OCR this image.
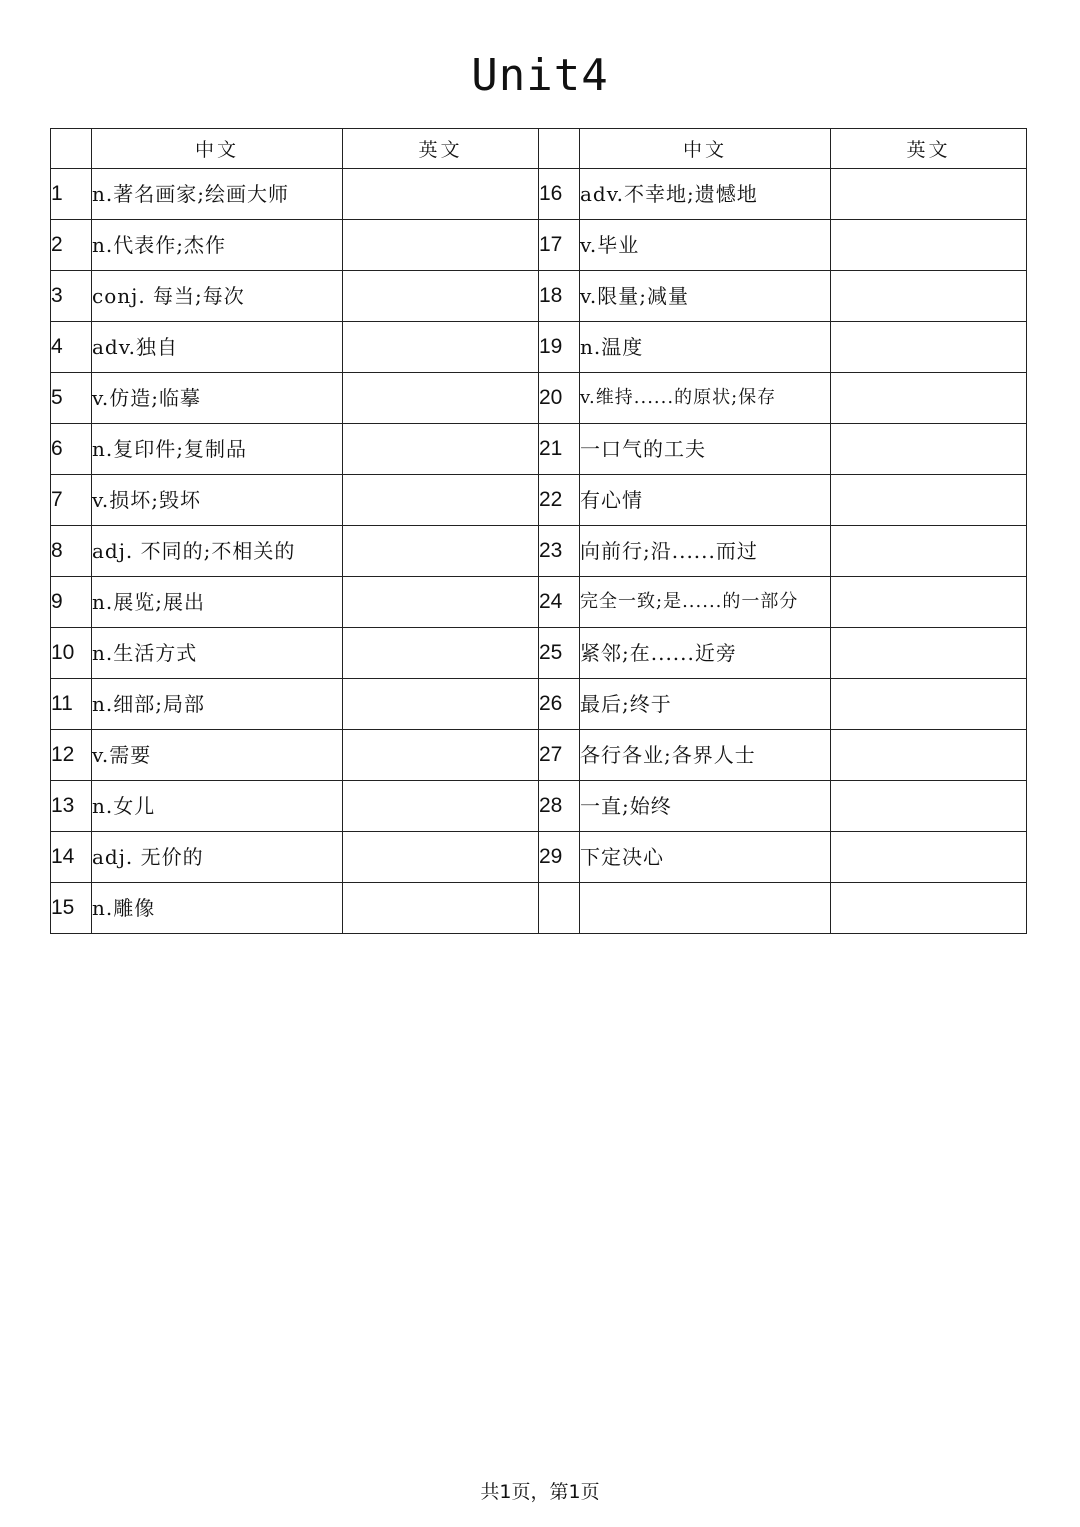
Unit4
	中文	英文		中文	英文
1	n.著名画家;绘画大师		16	adv.不幸地;遗憾地	
2	n.代表作;杰作		17	v.毕业	
3	conj. 每当;每次		18	v.限量;减量	
4	adv.独自		19	n.温度	
5	v.仿造;临摹		20	v.维持......的原状;保存	
6	n.复印件;复制品		21	一口气的工夫	
7	v.损坏;毁坏		22	有心情	
8	adj. 不同的;不相关的		23	向前行;沿......而过	
9	n.展览;展出		24	完全一致;是......的一部分	
10	n.生活方式		25	紧邻;在......近旁	
11	n.细部;局部		26	最后;终于	
12	v.需要		27	各行各业;各界人士	
13	n.女儿		28	一直;始终	
14	adj. 无价的		29	下定决心	
15	n.雕像				
共1页，第1页
